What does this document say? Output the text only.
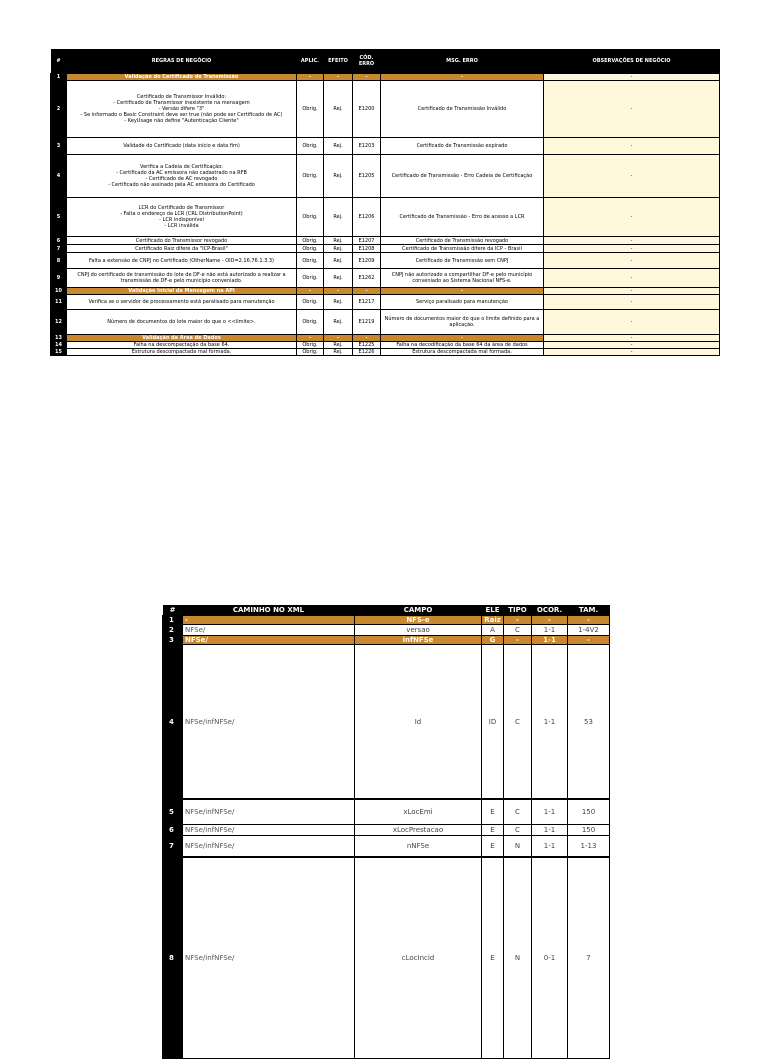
#	REGRAS DE NEGÓCIO	APLIC.	EFEITO	CÓD. ERRO	MSG. ERRO	OBSERVAÇÕES DE NEGÓCIO
1	Validação do Certificado de Transmissão	-	-	-	-	-
2	Certificado de Transmissor Inválido:
- Certificado de Transmissor inexistente na mensagem
- Versão difere "3"
- Se informado o Basic Constraint deve ser true (não pode ser Certificado de AC)
- KeyUsage não define "Autenticação Cliente"	Obrig.	Rej.	E1200	Certificado de Transmissão Inválido	-
3	Validade do Certificado (data início e data fim)	Obrig.	Rej.	E1203	Certificado de Transmissão expirado	-
4	Verifica a Cadeia de Certificação:
- Certificado da AC emissora não cadastrado na RFB
- Certificado de AC revogado
- Certificado não assinado pela AC emissora do Certificado	Obrig.	Rej.	E1205	Certificado de Transmissão - Erro Cadeia de Certificação	-
5	LCR do Certificado de Transmissor
- Falta o endereço da LCR (CRL DistributionPoint)
- LCR indisponível
- LCR inválida	Obrig.	Rej.	E1206	Certificado de Transmissão - Erro de acesso a LCR	-
6	Certificado do Transmissor revogado	Obrig.	Rej.	E1207	Certificado de Transmissão revogado	-
7	Certificado Raiz difere da "ICP-Brasil"	Obrig.	Rej.	E1208	Certificado de Transmissão difere da ICP - Brasil	-
8	Falta a extensão de CNPJ no Certificado (OtherName - OID=2.16.76.1.3.3)	Obrig.	Rej.	E1209	Certificado de Transmissão sem CNPJ	-
9	CNPJ do certificado de transmissão do lote de DF-e não está autorizado a realizar a transmissão de DF-e pelo município conveniado.	Obrig.	Rej.	E1262	CNPJ não autorizado a compartilhar DF-e pelo município conveniado ao Sistema Nacional NFS-e.	-
10	Validação Inicial da Mensagem na API	-	-	-	-	-
11	Verifica se o servidor de processamento está paralisado para manutenção	Obrig.	Rej.	E1217	Serviço paralisado para manutenção	-
12	Número de documentos do lote maior do que o <<limite>.	Obrig.	Rej.	E1219	Número de documentos maior do que o limite definido para a aplicação.	-
13	Validação da Área de Dados	-	-	-	-	-
14	Falha na descompactação da base 64.	Obrig.	Rej.	E1225	Falha na decodificação da base 64 da área de dados	-
15	Estrutura descompactada mal formada.	Obrig.	Rej.	E1226	Estrutura descompactada mal formada.	-
#	CAMINHO NO XML	CAMPO	ELE	TIPO	OCOR.	TAM.
1	-	NFS-e	Raiz	-	-	-
2	NFSe/	versao	A	C	1-1	1-4V2
3	NFSe/	infNFSe	G	-	1-1	-
4	NFSe/infNFSe/	Id	ID	C	1-1	53
5	NFSe/infNFSe/	xLocEmi	E	C	1-1	150
6	NFSe/infNFSe/	xLocPrestacao	E	C	1-1	150
7	NFSe/infNFSe/	nNFSe	E	N	1-1	1-13
8	NFSe/infNFSe/	cLocIncid	E	N	0-1	7
